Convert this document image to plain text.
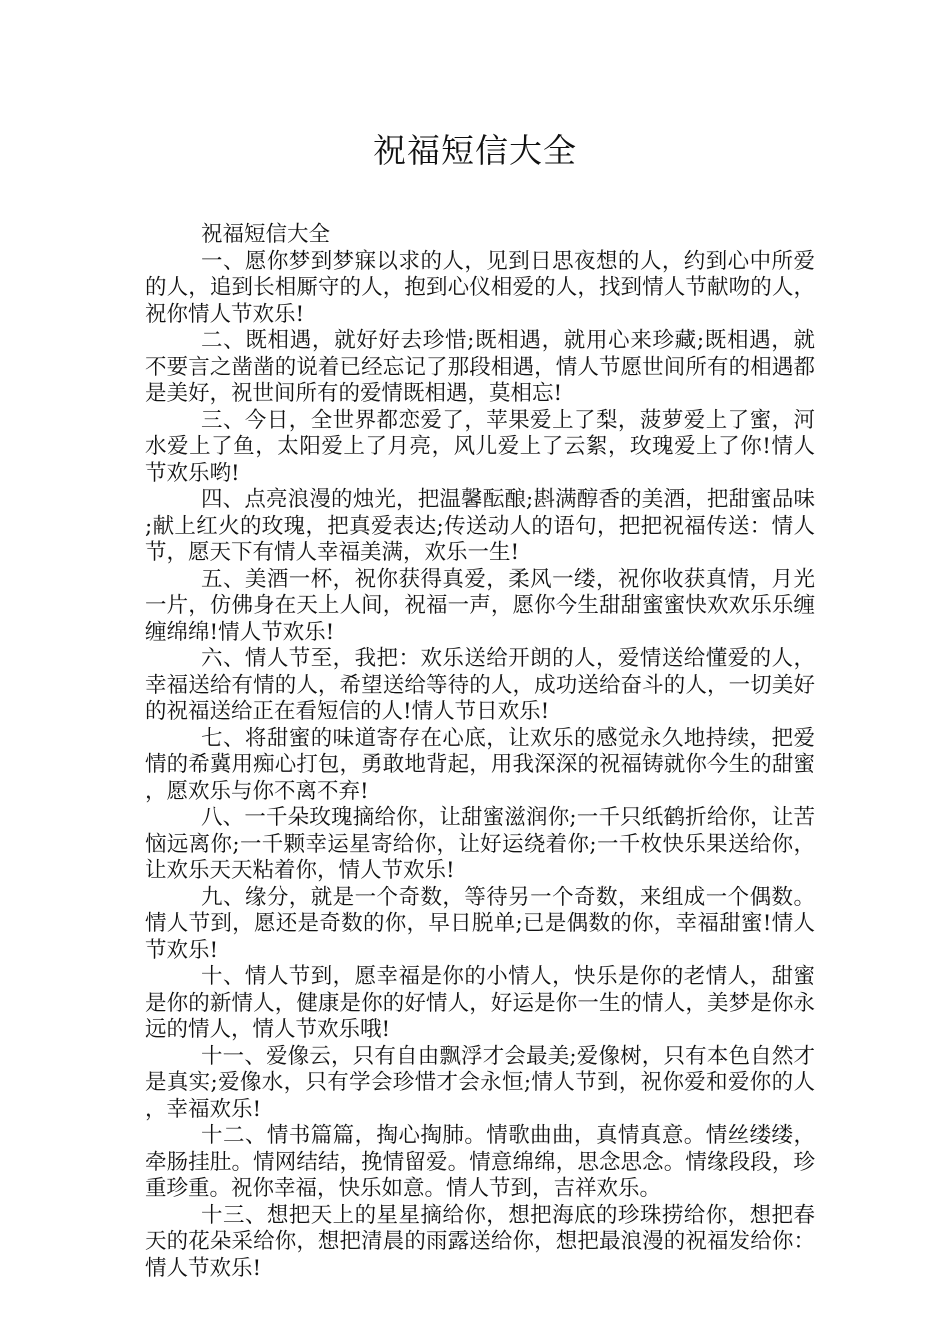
祝福短信大全

祝福短信大全

一、愿你梦到梦寐以求的人，见到日思夜想的人，约到心中所爱的人，追到长相厮守的人，抱到心仪相爱的人，找到情人节献吻的人，祝你情人节欢乐!

二、既相遇，就好好去珍惜;既相遇，就用心来珍藏;既相遇，就不要言之凿凿的说着已经忘记了那段相遇，情人节愿世间所有的相遇都是美好，祝世间所有的爱情既相遇，莫相忘!

三、今日，全世界都恋爱了，苹果爱上了梨，菠萝爱上了蜜，河水爱上了鱼，太阳爱上了月亮，风儿爱上了云絮，玫瑰爱上了你!情人节欢乐哟!

四、点亮浪漫的烛光，把温馨酝酿;斟满醇香的美酒，把甜蜜品味;献上红火的玫瑰，把真爱表达;传送动人的语句，把把祝福传送：情人节，愿天下有情人幸福美满，欢乐一生!

五、美酒一杯，祝你获得真爱，柔风一缕，祝你收获真情，月光一片，仿佛身在天上人间，祝福一声，愿你今生甜甜蜜蜜快欢欢乐乐缠缠绵绵!情人节欢乐!

六、情人节至，我把：欢乐送给开朗的人，爱情送给懂爱的人，幸福送给有情的人，希望送给等待的人，成功送给奋斗的人，一切美好的祝福送给正在看短信的人!情人节日欢乐!

七、将甜蜜的味道寄存在心底，让欢乐的感觉永久地持续，把爱情的希冀用痴心打包，勇敢地背起，用我深深的祝福铸就你今生的甜蜜，愿欢乐与你不离不弃!

八、一千朵玫瑰摘给你，让甜蜜滋润你;一千只纸鹤折给你，让苦恼远离你;一千颗幸运星寄给你，让好运绕着你;一千枚快乐果送给你，让欢乐天天粘着你，情人节欢乐!

九、缘分，就是一个奇数，等待另一个奇数，来组成一个偶数。情人节到，愿还是奇数的你，早日脱单;已是偶数的你，幸福甜蜜!情人节欢乐!

十、情人节到，愿幸福是你的小情人，快乐是你的老情人，甜蜜是你的新情人，健康是你的好情人，好运是你一生的情人，美梦是你永远的情人，情人节欢乐哦!

十一、爱像云，只有自由飘浮才会最美;爱像树，只有本色自然才是真实;爱像水，只有学会珍惜才会永恒;情人节到，祝你爱和爱你的人，幸福欢乐!

十二、情书篇篇，掏心掏肺。情歌曲曲，真情真意。情丝缕缕，牵肠挂肚。情网结结，挽情留爱。情意绵绵，思念思念。情缘段段，珍重珍重。祝你幸福，快乐如意。情人节到，吉祥欢乐。

十三、想把天上的星星摘给你，想把海底的珍珠捞给你，想把春天的花朵采给你，想把清晨的雨露送给你，想把最浪漫的祝福发给你：情人节欢乐!
